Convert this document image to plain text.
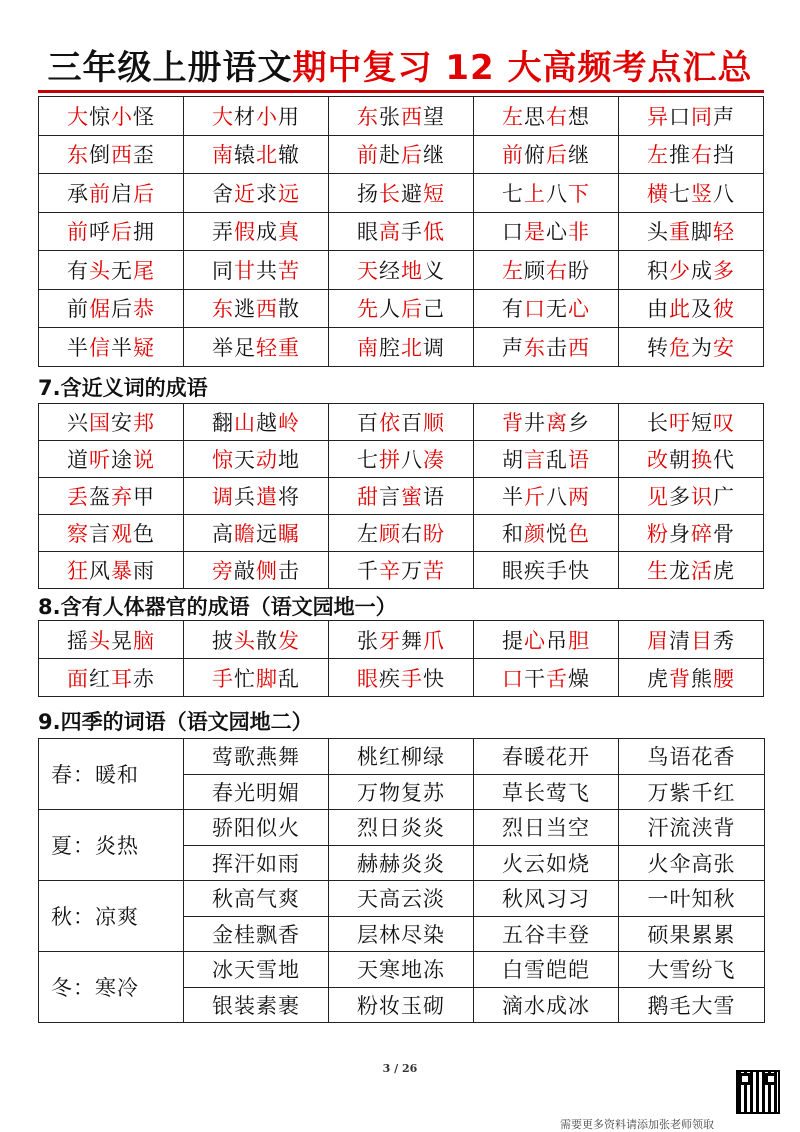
三年级上册语文期中复习 12 大高频考点汇总
大惊小怪	大材小用	东张西望	左思右想	异口同声
东倒西歪	南辕北辙	前赴后继	前俯后继	左推右挡
承前启后	舍近求远	扬长避短	七上八下	横七竖八
前呼后拥	弄假成真	眼高手低	口是心非	头重脚轻
有头无尾	同甘共苦	天经地义	左顾右盼	积少成多
前倨后恭	东逃西散	先人后己	有口无心	由此及彼
半信半疑	举足轻重	南腔北调	声东击西	转危为安
7.含近义词的成语
兴国安邦	翻山越岭	百依百顺	背井离乡	长吁短叹
道听途说	惊天动地	七拼八凑	胡言乱语	改朝换代
丢盔弃甲	调兵遣将	甜言蜜语	半斤八两	见多识广
察言观色	高瞻远瞩	左顾右盼	和颜悦色	粉身碎骨
狂风暴雨	旁敲侧击	千辛万苦	眼疾手快	生龙活虎
8.含有人体器官的成语（语文园地一）
摇头晃脑	披头散发	张牙舞爪	提心吊胆	眉清目秀
面红耳赤	手忙脚乱	眼疾手快	口干舌燥	虎背熊腰
9.四季的词语（语文园地二）
春：暖和	莺歌燕舞	桃红柳绿	春暖花开	鸟语花香
	春光明媚	万物复苏	草长莺飞	万紫千红
夏：炎热	骄阳似火	烈日炎炎	烈日当空	汗流浃背
	挥汗如雨	赫赫炎炎	火云如烧	火伞高张
秋：凉爽	秋高气爽	天高云淡	秋风习习	一叶知秋
	金桂飘香	层林尽染	五谷丰登	硕果累累
冬：寒冷	冰天雪地	天寒地冻	白雪皑皑	大雪纷飞
	银装素裹	粉妆玉砌	滴水成冰	鹅毛大雪
3 / 26
需要更多资料请添加张老师领取
